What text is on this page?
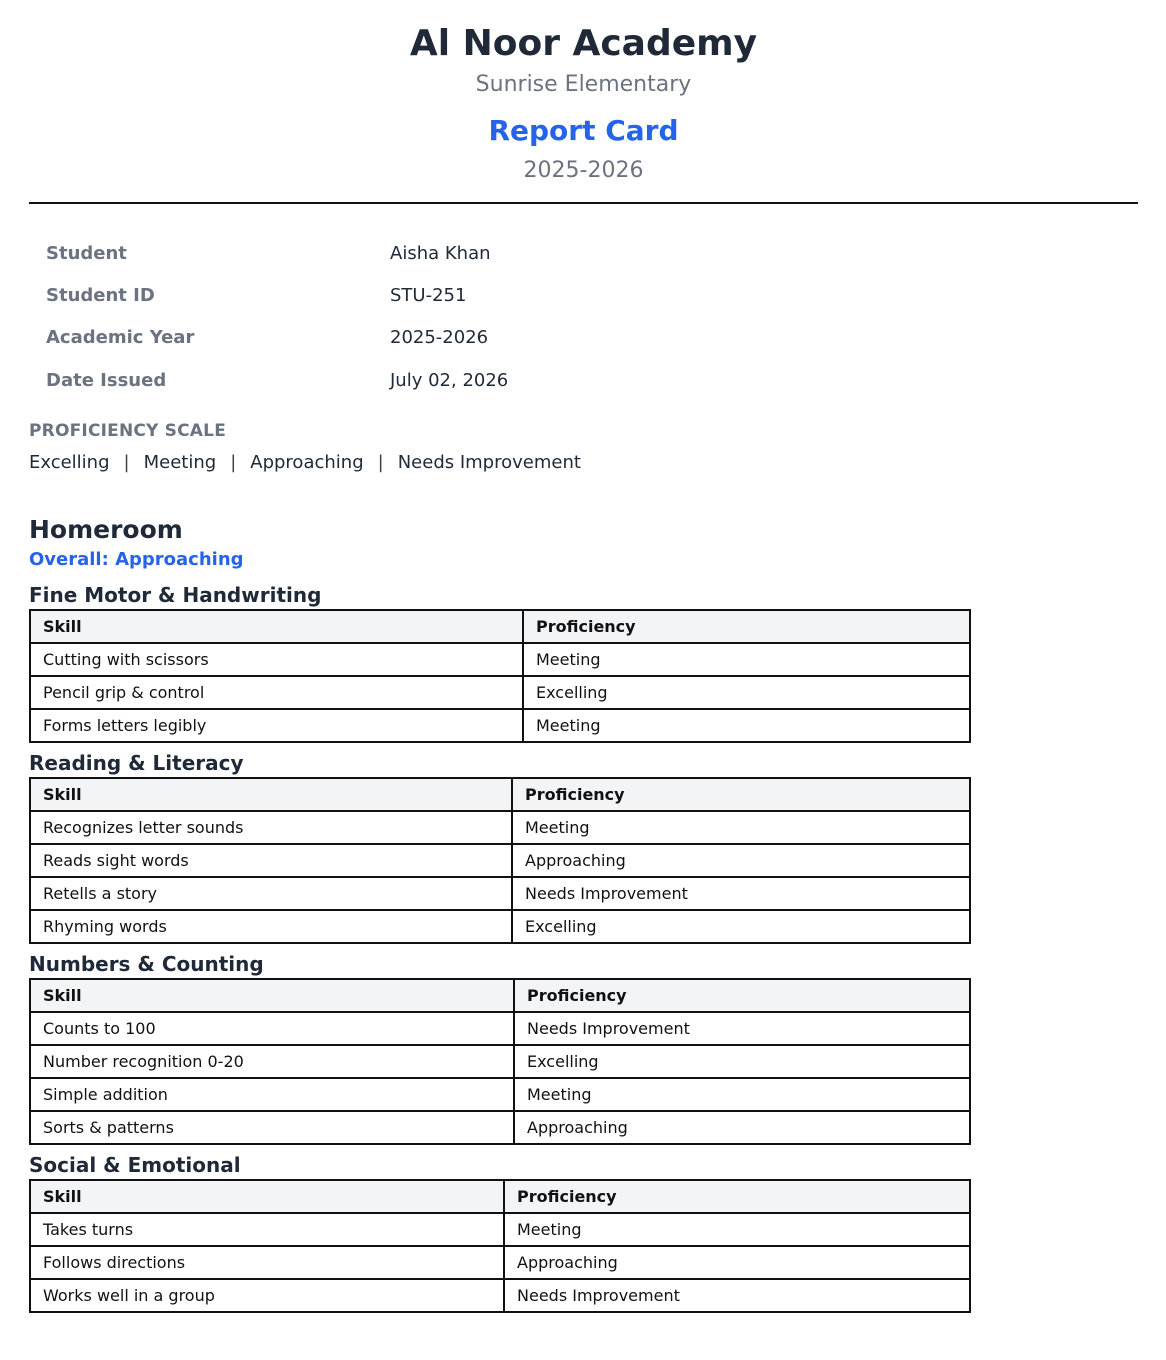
Al Noor Academy
Sunrise Elementary
Report Card
2025-2026
Student	Aisha Khan
Student ID	STU-251
Academic Year	2025-2026
Date Issued	July 02, 2026
PROFICIENCY SCALE
Excelling | Meeting | Approaching | Needs Improvement
Homeroom
Overall: Approaching
Fine Motor & Handwriting
Skill	Proficiency
Cutting with scissors	Meeting
Pencil grip & control	Excelling
Forms letters legibly	Meeting
Reading & Literacy
Skill	Proficiency
Recognizes letter sounds	Meeting
Reads sight words	Approaching
Retells a story	Needs Improvement
Rhyming words	Excelling
Numbers & Counting
Skill	Proficiency
Counts to 100	Needs Improvement
Number recognition 0-20	Excelling
Simple addition	Meeting
Sorts & patterns	Approaching
Social & Emotional
Skill	Proficiency
Takes turns	Meeting
Follows directions	Approaching
Works well in a group	Needs Improvement
